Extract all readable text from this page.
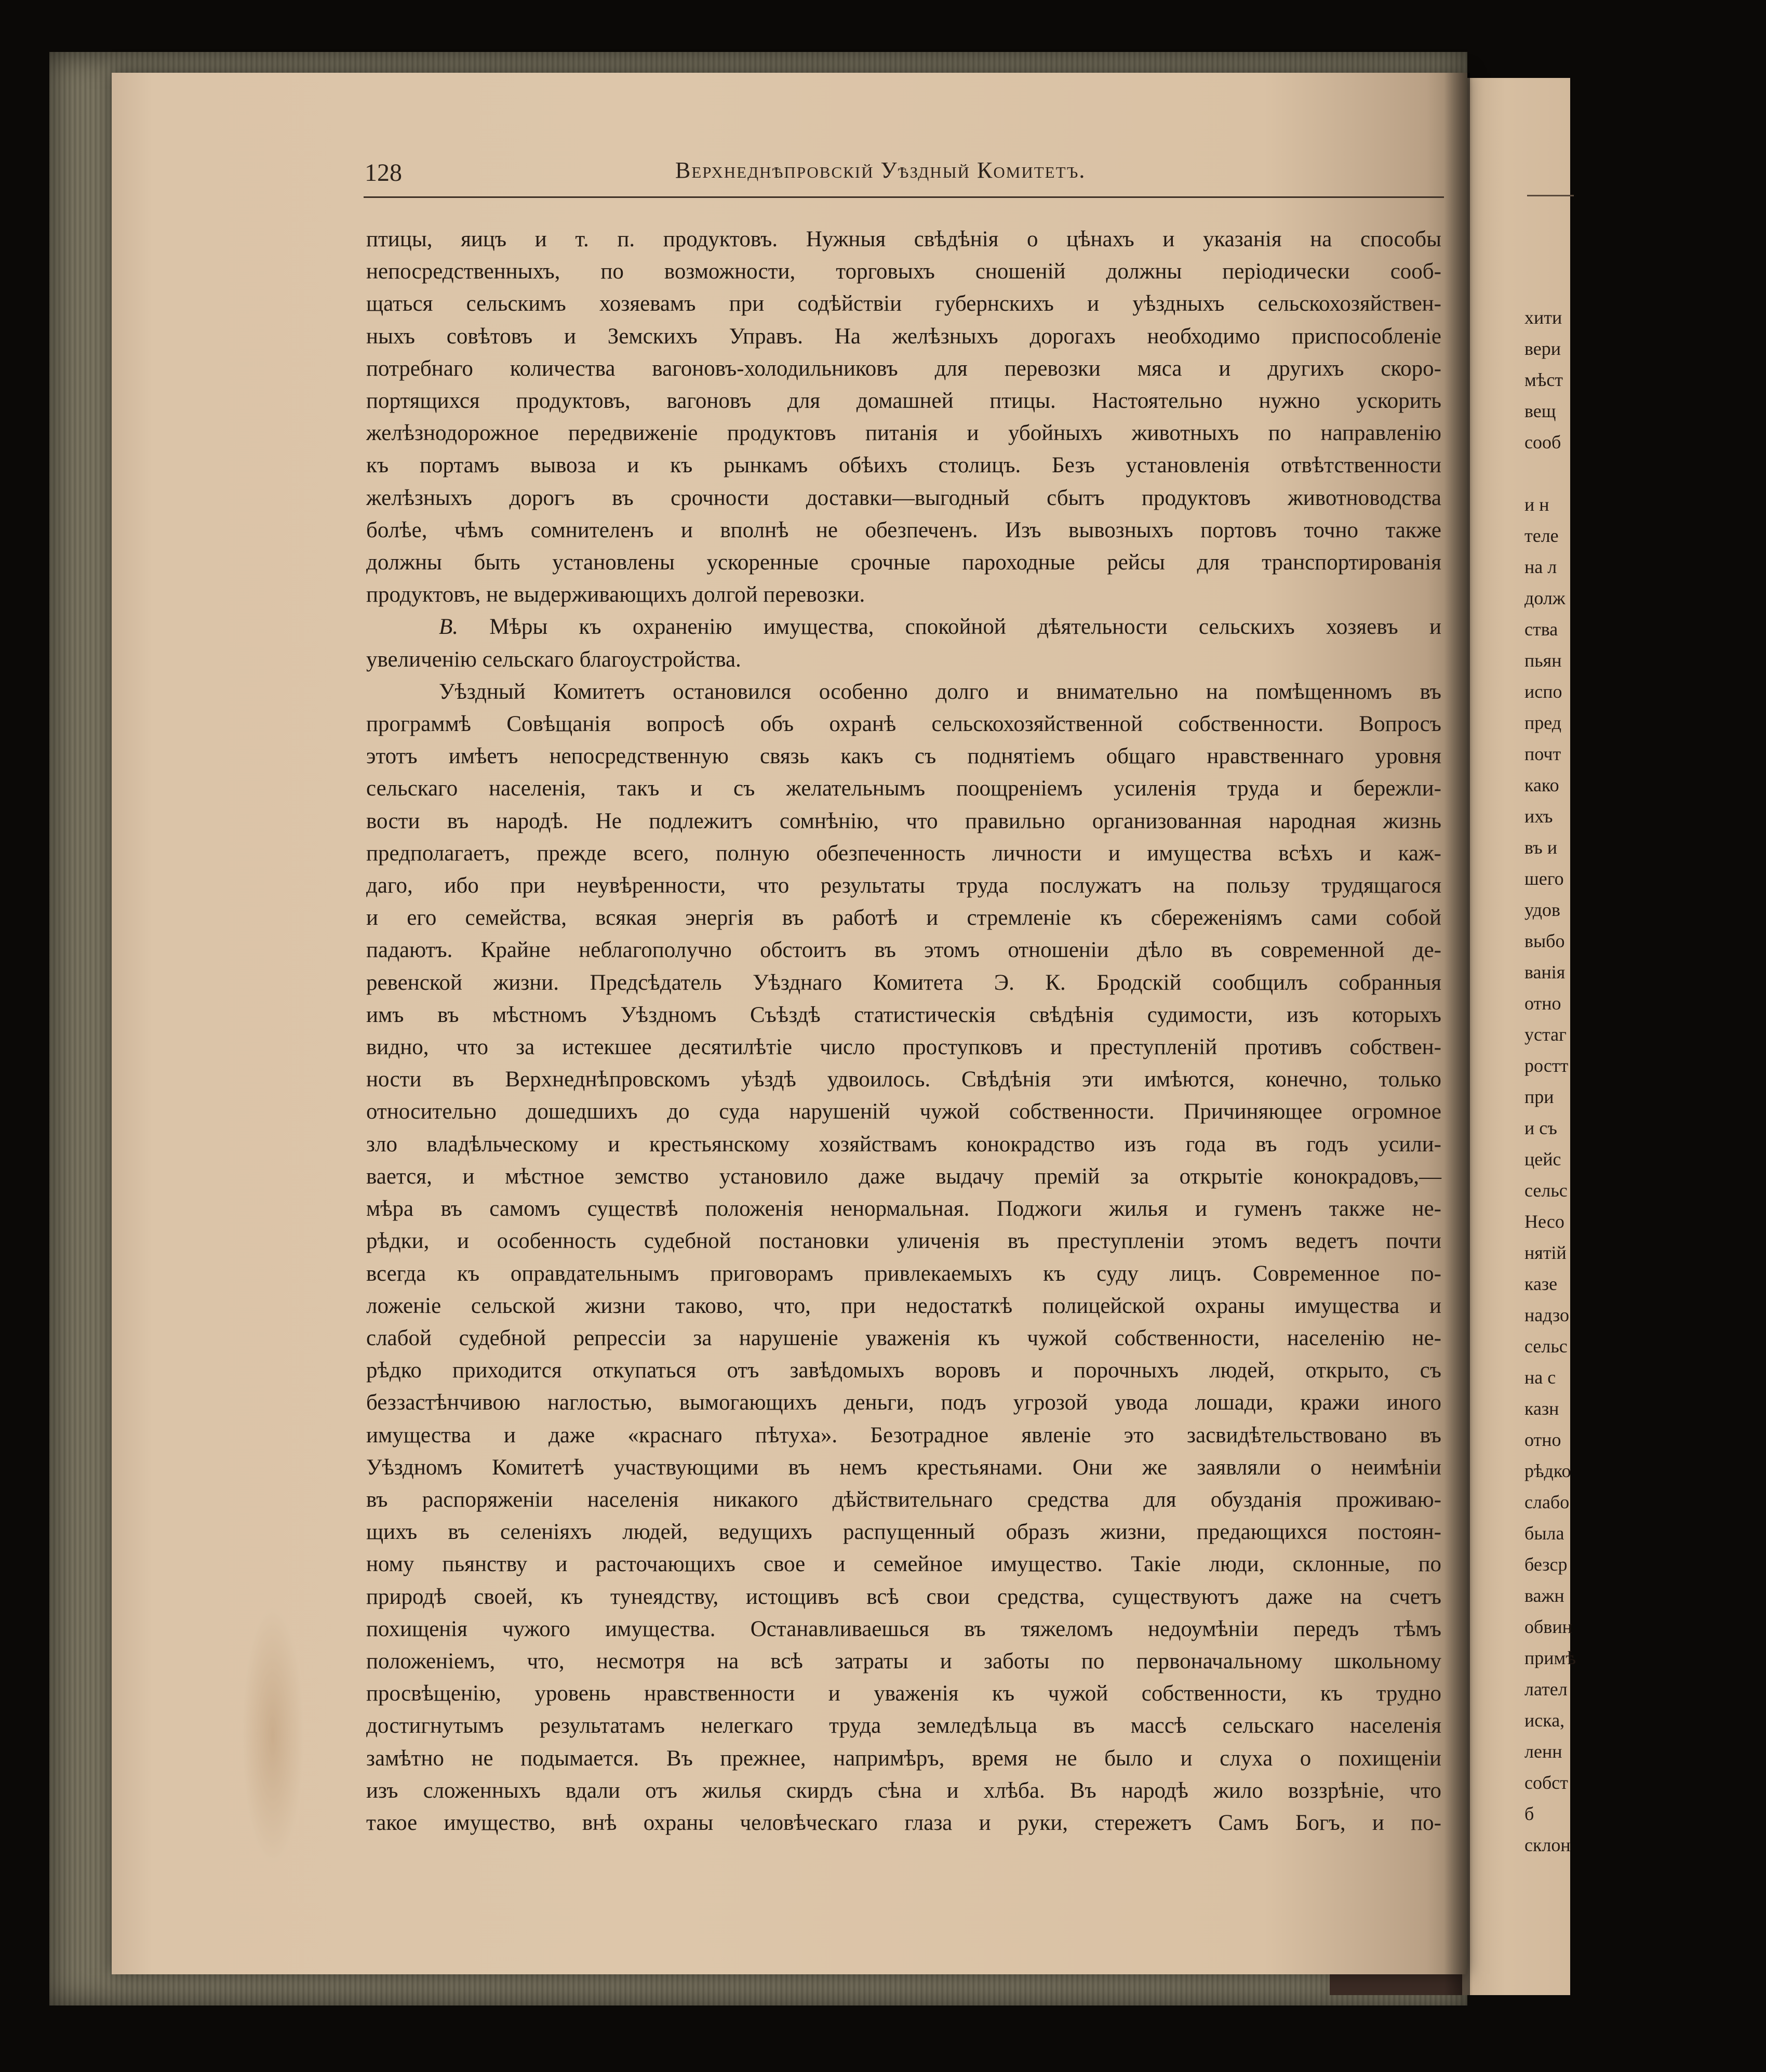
хити
вери
мѣст
вещ
сооб
и н
теле
на л
долж
ства
пьян
испо
пред
почт
како
ихъ
въ и
шего
удов
выбо
ванія
отно
устаг
ростт
при
и съ
цейс
сельс
Несо
нятій
казе
надзо
сельс
на с
казн
отно
рѣдко
слабо
была
безср
важн
обвин
примѣ
лател
иска,
ленн
собст
б
склон
128	Верхнеднѣпровскій Уѣздный Комитетъ.
птицы, яицъ и т. п. продуктовъ. Нужныя свѣдѣнія о цѣнахъ и указанія на способы
непосредственныхъ, по возможности, торговыхъ сношеній должны періодически сооб-
щаться сельскимъ хозяевамъ при содѣйствіи губернскихъ и уѣздныхъ сельскохозяйствен-
ныхъ совѣтовъ и Земскихъ Управъ. На желѣзныхъ дорогахъ необходимо приспособленіе
потребнаго количества вагоновъ-холодильниковъ для перевозки мяса и другихъ скоро-
портящихся продуктовъ, вагоновъ для домашней птицы. Настоятельно нужно ускорить
желѣзнодорожное передвиженіе продуктовъ питанія и убойныхъ животныхъ по направленію
къ портамъ вывоза и къ рынкамъ обѣихъ столицъ. Безъ установленія отвѣтственности
желѣзныхъ дорогъ въ срочности доставки—выгодный сбытъ продуктовъ животноводства
болѣе, чѣмъ сомнителенъ и вполнѣ не обезпеченъ. Изъ вывозныхъ портовъ точно также
должны быть установлены ускоренные срочные пароходные рейсы для транспортированія
продуктовъ, не выдерживающихъ долгой перевозки.
В. Мѣры къ охраненію имущества, спокойной дѣятельности сельскихъ хозяевъ и
увеличенію сельскаго благоустройства.
Уѣздный Комитетъ остановился особенно долго и внимательно на помѣщенномъ въ
программѣ Совѣщанія вопросѣ объ охранѣ сельскохозяйственной собственности. Вопросъ
этотъ имѣетъ непосредственную связь какъ съ поднятіемъ общаго нравственнаго уровня
сельскаго населенія, такъ и съ желательнымъ поощреніемъ усиленія труда и бережли-
вости въ народѣ. Не подлежитъ сомнѣнію, что правильно организованная народная жизнь
предполагаетъ, прежде всего, полную обезпеченность личности и имущества всѣхъ и каж-
даго, ибо при неувѣренности, что результаты труда послужатъ на пользу трудящагося
и его семейства, всякая энергія въ работѣ и стремленіе къ сбереженіямъ сами собой
падаютъ. Крайне неблагополучно обстоитъ въ этомъ отношеніи дѣло въ современной де-
ревенской жизни. Предсѣдатель Уѣзднаго Комитета Э. К. Бродскій сообщилъ собранныя
имъ въ мѣстномъ Уѣздномъ Съѣздѣ статистическія свѣдѣнія судимости, изъ которыхъ
видно, что за истекшее десятилѣтіе число проступковъ и преступленій противъ собствен-
ности въ Верхнеднѣпровскомъ уѣздѣ удвоилось. Свѣдѣнія эти имѣются, конечно, только
относительно дошедшихъ до суда нарушеній чужой собственности. Причиняющее огромное
зло владѣльческому и крестьянскому хозяйствамъ конокрадство изъ года въ годъ усили-
вается, и мѣстное земство установило даже выдачу премій за открытіе конокрадовъ,—
мѣра въ самомъ существѣ положенія ненормальная. Поджоги жилья и гуменъ также не-
рѣдки, и особенность судебной постановки уличенія въ преступленіи этомъ ведетъ почти
всегда къ оправдательнымъ приговорамъ привлекаемыхъ къ суду лицъ. Современное по-
ложеніе сельской жизни таково, что, при недостаткѣ полицейской охраны имущества и
слабой судебной репрессіи за нарушеніе уваженія къ чужой собственности, населенію не-
рѣдко приходится откупаться отъ завѣдомыхъ воровъ и порочныхъ людей, открыто, съ
беззастѣнчивою наглостью, вымогающихъ деньги, подъ угрозой увода лошади, кражи иного
имущества и даже «краснаго пѣтуха». Безотрадное явленіе это засвидѣтельствовано въ
Уѣздномъ Комитетѣ участвующими въ немъ крестьянами. Они же заявляли о неимѣніи
въ распоряженіи населенія никакого дѣйствительнаго средства для обузданія проживаю-
щихъ въ селеніяхъ людей, ведущихъ распущенный образъ жизни, предающихся постоян-
ному пьянству и расточающихъ свое и семейное имущество. Такіе люди, склонные, по
природѣ своей, къ тунеядству, истощивъ всѣ свои средства, существуютъ даже на счетъ
похищенія чужого имущества. Останавливаешься въ тяжеломъ недоумѣніи передъ тѣмъ
положеніемъ, что, несмотря на всѣ затраты и заботы по первоначальному школьному
просвѣщенію, уровень нравственности и уваженія къ чужой собственности, къ трудно
достигнутымъ результатамъ нелегкаго труда земледѣльца въ массѣ сельскаго населенія
замѣтно не подымается. Въ прежнее, напримѣръ, время не было и слуха о похищеніи
изъ сложенныхъ вдали отъ жилья скирдъ сѣна и хлѣба. Въ народѣ жило воззрѣніе, что
такое имущество, внѣ охраны человѣческаго глаза и руки, стережетъ Самъ Богъ, и по-
